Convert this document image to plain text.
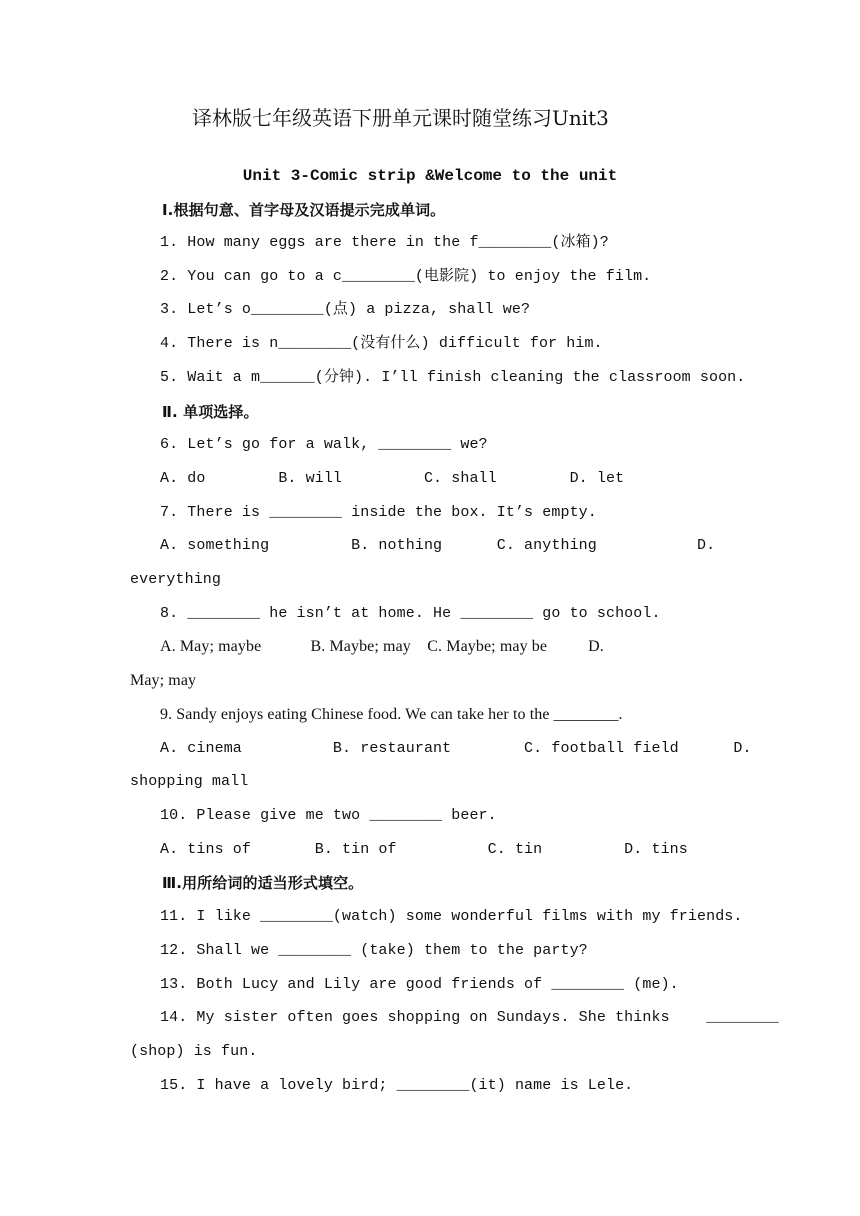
译林版七年级英语下册单元课时随堂练习Unit3
Unit 3-Comic strip &Welcome to the unit
Ⅰ.根据句意、首字母及汉语提示完成单词。
1. How many eggs are there in the f________(冰箱)?
2. You can go to a c________(电影院) to enjoy the film.
3. Let’s o________(点) a pizza, shall we?
4. There is n________(没有什么) difficult for him.
5. Wait a m______(分钟). I’ll finish cleaning the classroom soon.
Ⅱ. 单项选择。
6. Let’s go for a walk, ________ we?
A. do        B. will         C. shall        D. let
7. There is ________ inside the box. It’s empty.
A. something         B. nothing      C. anything           D.
everything
8. ________ he isn’t at home. He ________ go to school.
A. May; maybe            B. Maybe; may    C. Maybe; may be          D.
May; may
9. Sandy enjoys eating Chinese food. We can take her to the ________.
A. cinema          B. restaurant        C. football field      D.
shopping mall
10. Please give me two ________ beer.
A. tins of       B. tin of          C. tin         D. tins
Ⅲ.用所给词的适当形式填空。
11. I like ________(watch) some wonderful films with my friends.
12. Shall we ________ (take) them to the party?
13. Both Lucy and Lily are good friends of ________ (me).
14. My sister often goes shopping on Sundays. She thinks    ________
(shop) is fun.
15. I have a lovely bird; ________(it) name is Lele.
